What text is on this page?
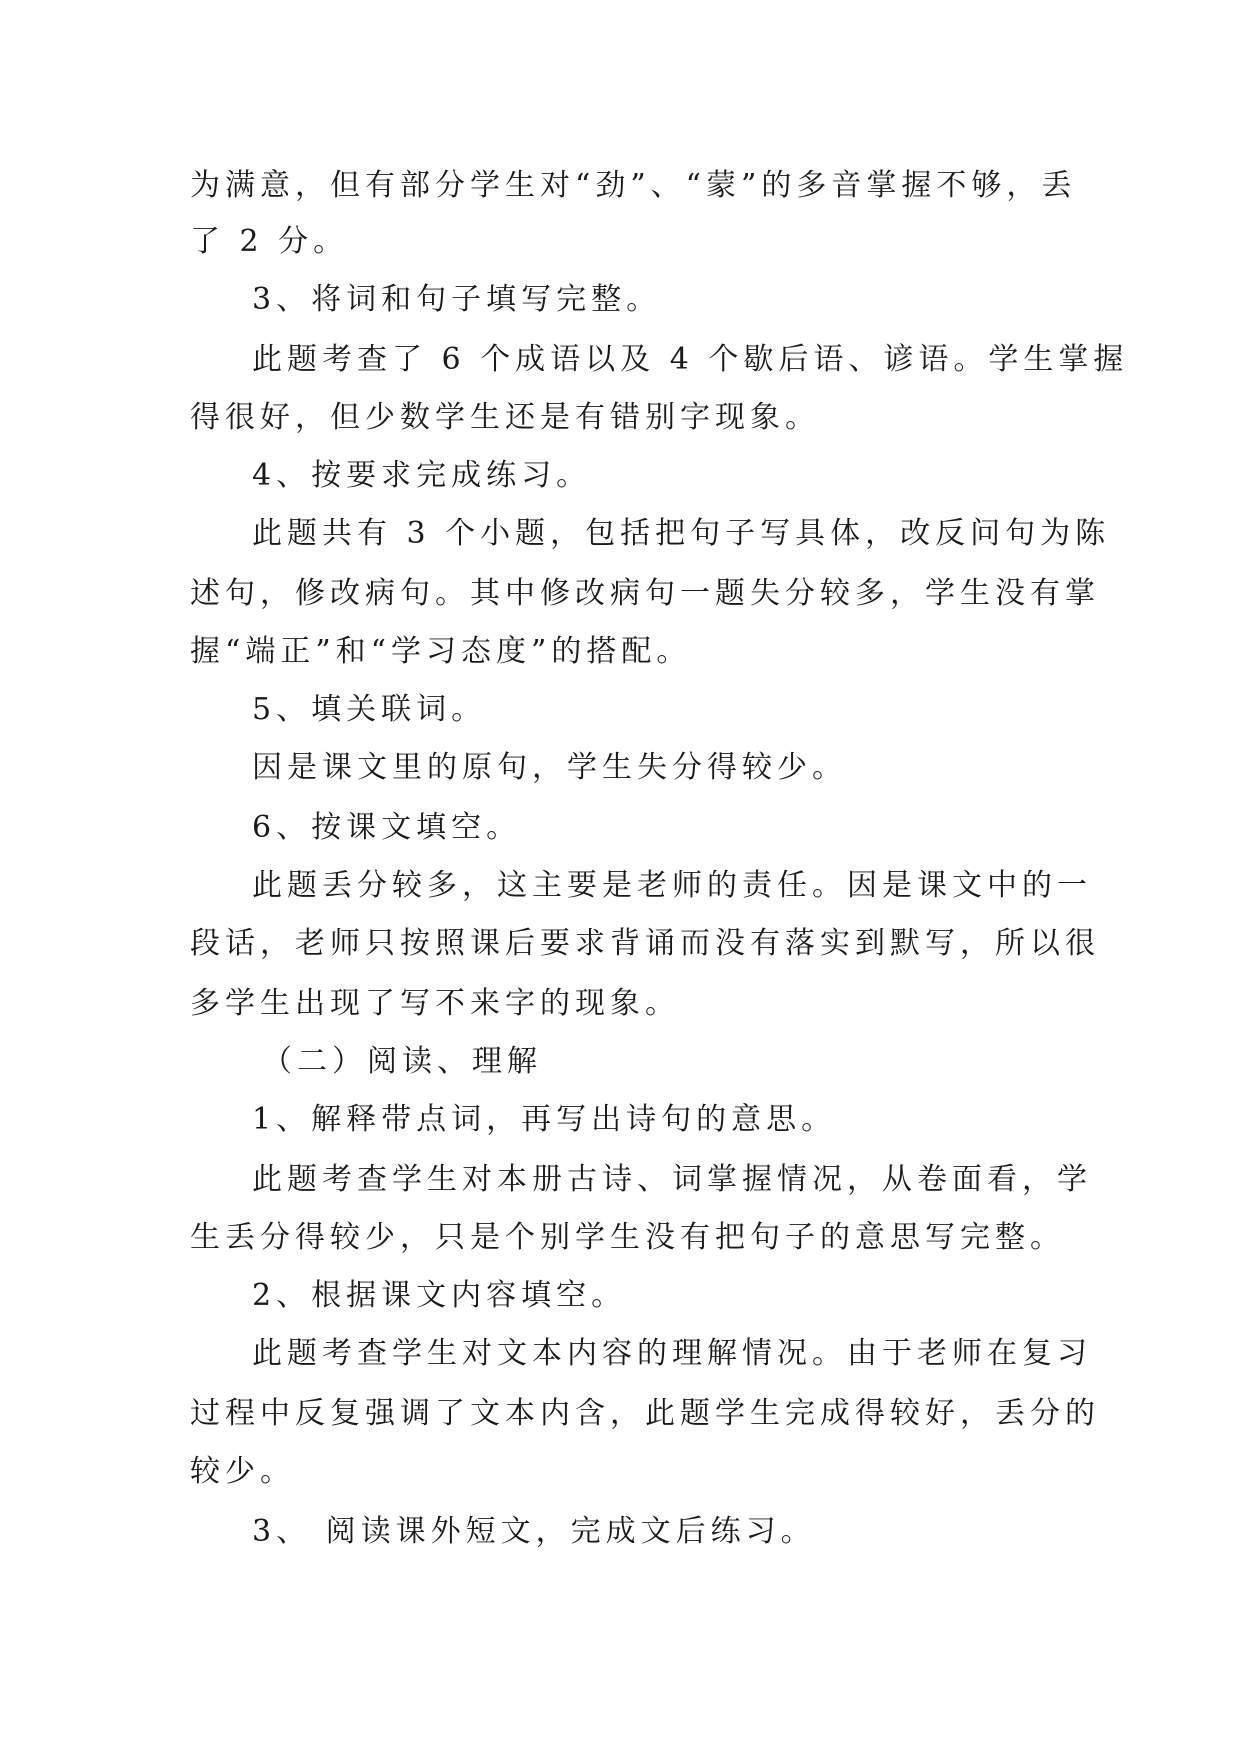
为满意，但有部分学生对“劲”、“蒙”的多音掌握不够，丢
了 2 分。
3、将词和句子填写完整。
此题考查了 6 个成语以及 4 个歇后语、谚语。学生掌握
得很好，但少数学生还是有错别字现象。
4、按要求完成练习。
此题共有 3 个小题，包括把句子写具体，改反问句为陈
述句，修改病句。其中修改病句一题失分较多，学生没有掌
握“端正”和“学习态度”的搭配。
5、填关联词。
因是课文里的原句，学生失分得较少。
6、按课文填空。
此题丢分较多，这主要是老师的责任。因是课文中的一
段话，老师只按照课后要求背诵而没有落实到默写，所以很
多学生出现了写不来字的现象。
（二）阅读、理解
1、解释带点词，再写出诗句的意思。
此题考查学生对本册古诗、词掌握情况，从卷面看，学
生丢分得较少，只是个别学生没有把句子的意思写完整。
2、根据课文内容填空。
此题考查学生对文本内容的理解情况。由于老师在复习
过程中反复强调了文本内含，此题学生完成得较好，丢分的
较少。
3、 阅读课外短文，完成文后练习。
